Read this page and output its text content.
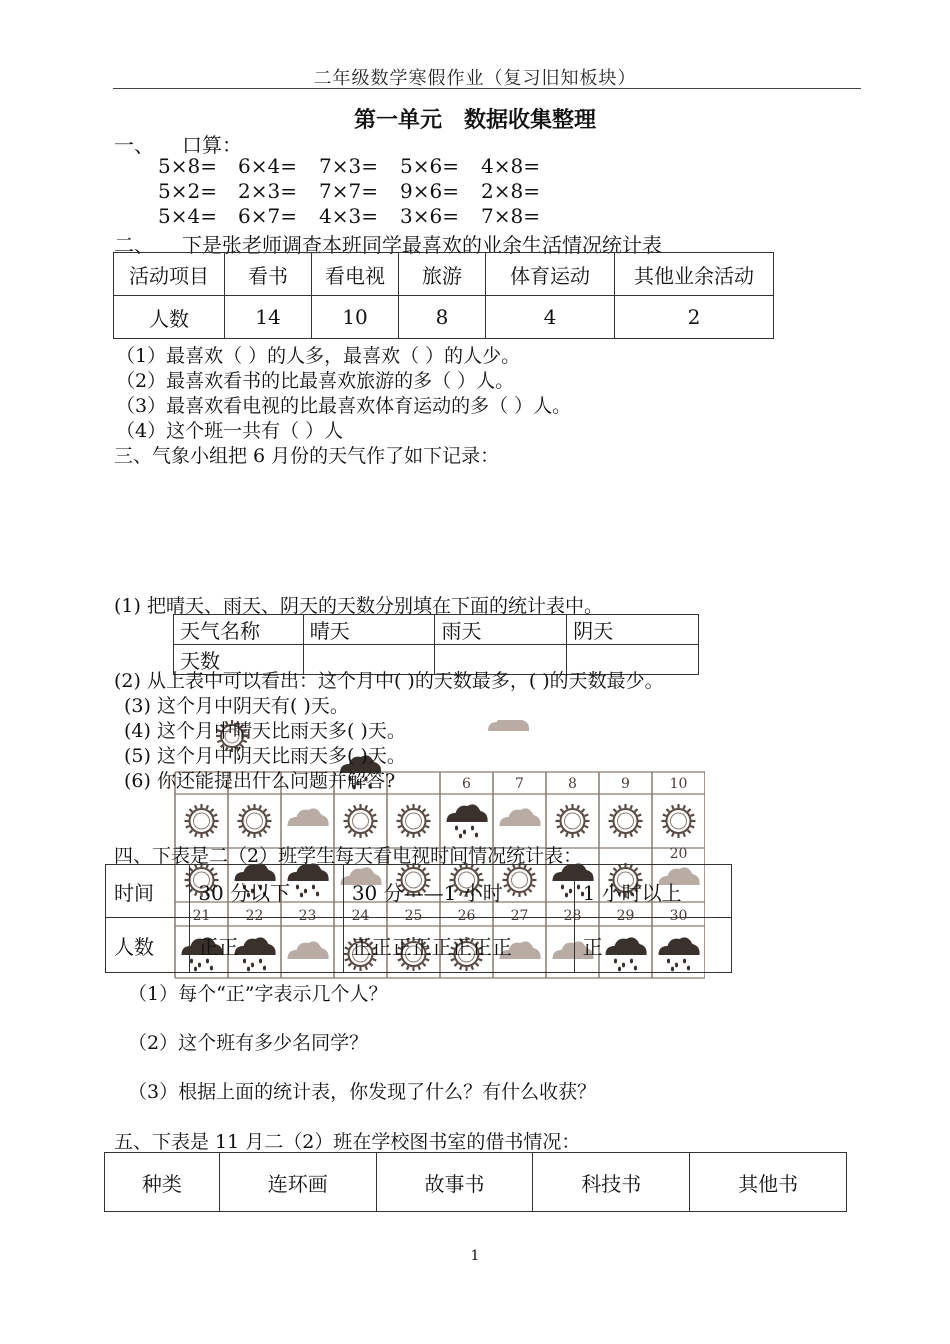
二年级数学寒假作业（复习旧知板块）
第一单元　数据收集整理
一、 口算：
5×8= 6×4= 7×3= 5×6= 4×8=
5×2= 2×3= 7×7= 9×6= 2×8=
5×4= 6×7= 4×3= 3×6= 7×8=
二、 下是张老师调查本班同学最喜欢的业余生活情况统计表
活动项目	看书	看电视	旅游	体育运动	其他业余活动
人数	14	10	8	4	2
（1）最喜欢（ ）的人多，最喜欢（ ）的人少。
（2）最喜欢看书的比最喜欢旅游的多（ ）人。
（3）最喜欢看电视的比最喜欢体育运动的多（ ）人。
（4）这个班一共有（ ）人
三、气象小组把 6 月份的天气作了如下记录：
(1) 把晴天、雨天、阴天的天数分别填在下面的统计表中。
天气名称	晴天	雨天	阴天
天数			
6	7	8	9	10
20
21	22	23	24	25	26	27	28	29	30
(2) 从上表中可以看出：这个月中( )的天数最多，( )的天数最少。
(3) 这个月中阴天有( )天。
(4) 这个月中晴天比雨天多( )天。
(5) 这个月中阴天比雨天多( )天。
(6) 你还能提出什么问题并解答?
四、下表是二（2）班学生每天看电视时间情况统计表：
时间	30 分以下	30 分——1 小时	1 小时以上
人数	正正	正正正正正正正正	正
（1）每个“正”字表示几个人？
（2）这个班有多少名同学？
（3）根据上面的统计表，你发现了什么？有什么收获？
五、下表是 11 月二（2）班在学校图书室的借书情况：
种类	连环画	故事书	科技书	其他书
1
